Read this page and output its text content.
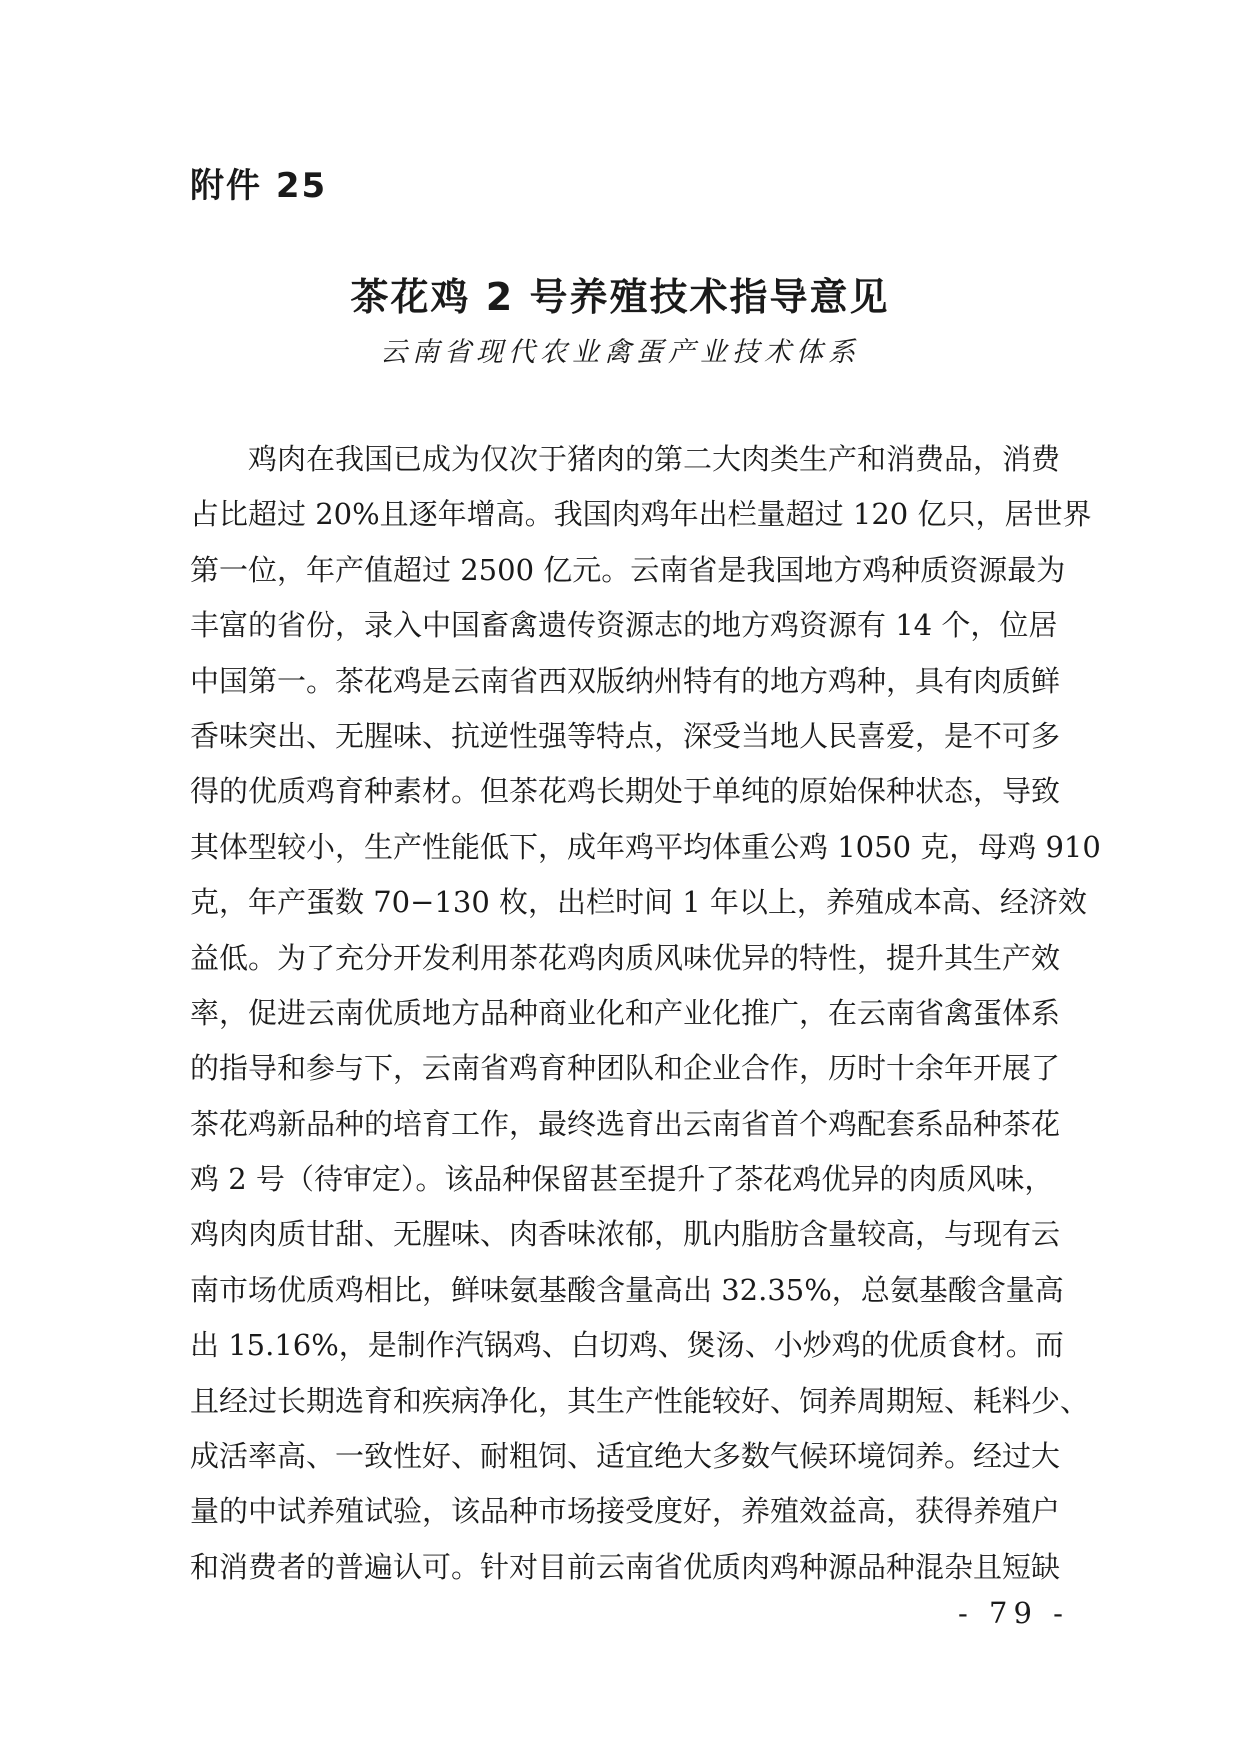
附件 25
茶花鸡 2 号养殖技术指导意见
云南省现代农业禽蛋产业技术体系
鸡肉在我国已成为仅次于猪肉的第二大肉类生产和消费品，消费
占比超过 20%且逐年增高。我国肉鸡年出栏量超过 120 亿只，居世界
第一位，年产值超过 2500 亿元。云南省是我国地方鸡种质资源最为
丰富的省份，录入中国畜禽遗传资源志的地方鸡资源有 14 个，位居
中国第一。茶花鸡是云南省西双版纳州特有的地方鸡种，具有肉质鲜
香味突出、无腥味、抗逆性强等特点，深受当地人民喜爱，是不可多
得的优质鸡育种素材。但茶花鸡长期处于单纯的原始保种状态，导致
其体型较小，生产性能低下，成年鸡平均体重公鸡 1050 克，母鸡 910
克，年产蛋数 70−130 枚，出栏时间 1 年以上，养殖成本高、经济效
益低。为了充分开发利用茶花鸡肉质风味优异的特性，提升其生产效
率，促进云南优质地方品种商业化和产业化推广，在云南省禽蛋体系
的指导和参与下，云南省鸡育种团队和企业合作，历时十余年开展了
茶花鸡新品种的培育工作，最终选育出云南省首个鸡配套系品种茶花
鸡 2 号（待审定）。该品种保留甚至提升了茶花鸡优异的肉质风味，
鸡肉肉质甘甜、无腥味、肉香味浓郁，肌内脂肪含量较高，与现有云
南市场优质鸡相比，鲜味氨基酸含量高出 32.35%，总氨基酸含量高
出 15.16%，是制作汽锅鸡、白切鸡、煲汤、小炒鸡的优质食材。而
且经过长期选育和疾病净化，其生产性能较好、饲养周期短、耗料少、
成活率高、一致性好、耐粗饲、适宜绝大多数气候环境饲养。经过大
量的中试养殖试验，该品种市场接受度好，养殖效益高，获得养殖户
和消费者的普遍认可。针对目前云南省优质肉鸡种源品种混杂且短缺
- 79 -
